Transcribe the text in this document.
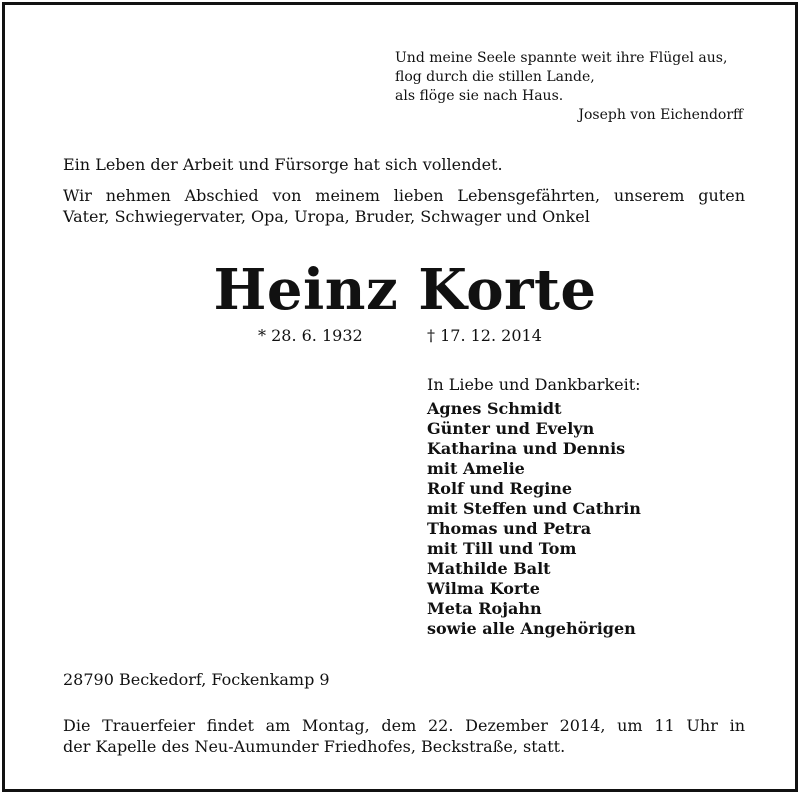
Und meine Seele spannte weit ihre Flügel aus,
flog durch die stillen Lande,
als flöge sie nach Haus.
Joseph von Eichendorff
Ein Leben der Arbeit und Fürsorge hat sich vollendet.
Wir nehmen Abschied von meinem lieben Lebensgefährten, unserem guten
Vater, Schwiegervater, Opa, Uropa, Bruder, Schwager und Onkel
Heinz Korte
* 28. 6. 1932	† 17. 12. 2014
In Liebe und Dankbarkeit:
Agnes Schmidt
Günter und Evelyn
Katharina und Dennis
mit Amelie
Rolf und Regine
mit Steffen und Cathrin
Thomas und Petra
mit Till und Tom
Mathilde Balt
Wilma Korte
Meta Rojahn
sowie alle Angehörigen
28790 Beckedorf, Fockenkamp 9
Die Trauerfeier findet am Montag, dem 22. Dezember 2014, um 11 Uhr in
der Kapelle des Neu-Aumunder Friedhofes, Beckstraße, statt.
